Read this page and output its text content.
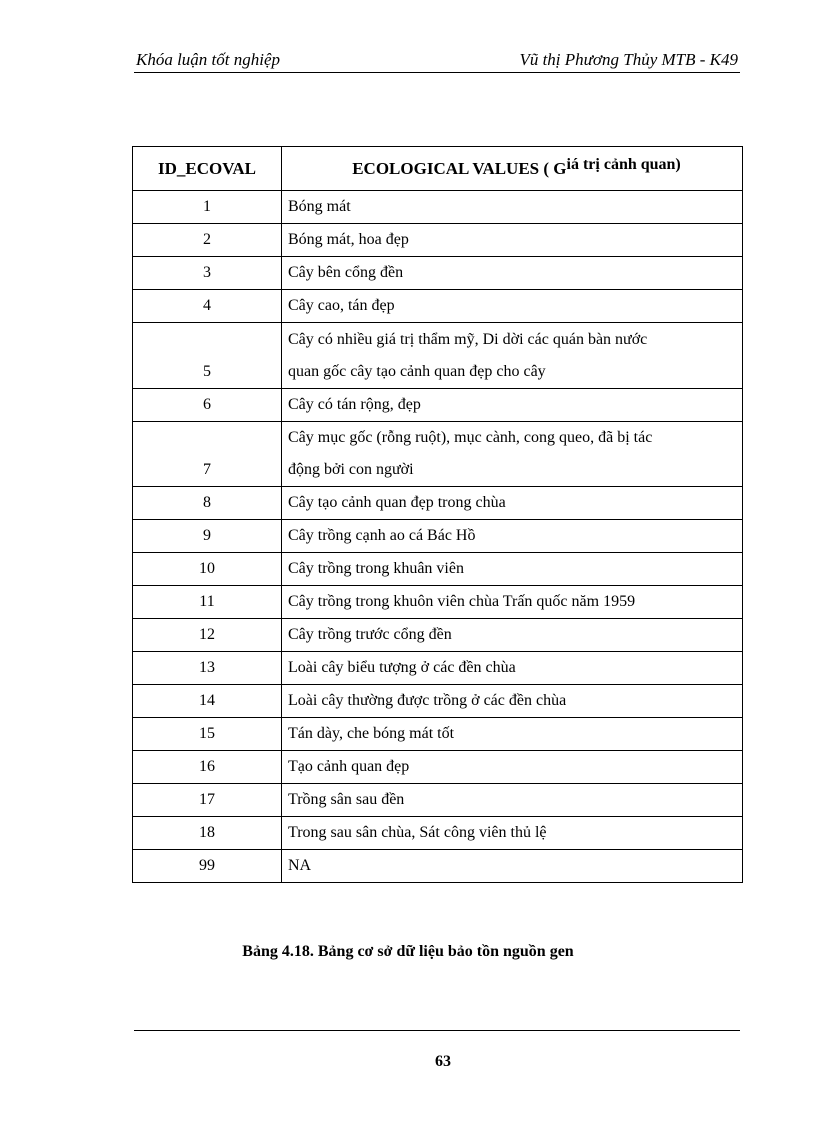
Khóa luận tốt nghiệp	Vũ thị Phương Thủy MTB - K49
ID_ECOVAL	ECOLOGICAL VALUES ( Giá trị cảnh quan)
1	Bóng mát
2	Bóng mát, hoa đẹp
3	Cây bên cổng đền
4	Cây cao, tán đẹp
5	Cây có nhiều giá trị thẩm mỹ, Di dời các quán bàn nước
quan gốc cây tạo cảnh quan đẹp cho cây

6	Cây có tán rộng, đẹp
7	Cây mục gốc (rỗng ruột), mục cành, cong queo, đã bị tác
động bởi con người

8	Cây tạo cảnh quan đẹp trong chùa
9	Cây trồng cạnh ao cá Bác Hồ
10	Cây trồng trong khuân viên
11	Cây trồng trong khuôn viên chùa Trấn quốc năm 1959
12	Cây trồng trước cổng đền
13	Loài cây biểu tượng ở các đền chùa
14	Loài cây thường được trồng ở các đền chùa
15	Tán dày, che bóng mát tốt
16	Tạo cảnh quan đẹp
17	Trồng sân sau đền
18	Trong sau sân chùa, Sát công viên thủ lệ
99	NA
Bảng 4.18. Bảng cơ sở dữ liệu bảo tồn nguồn gen
63
